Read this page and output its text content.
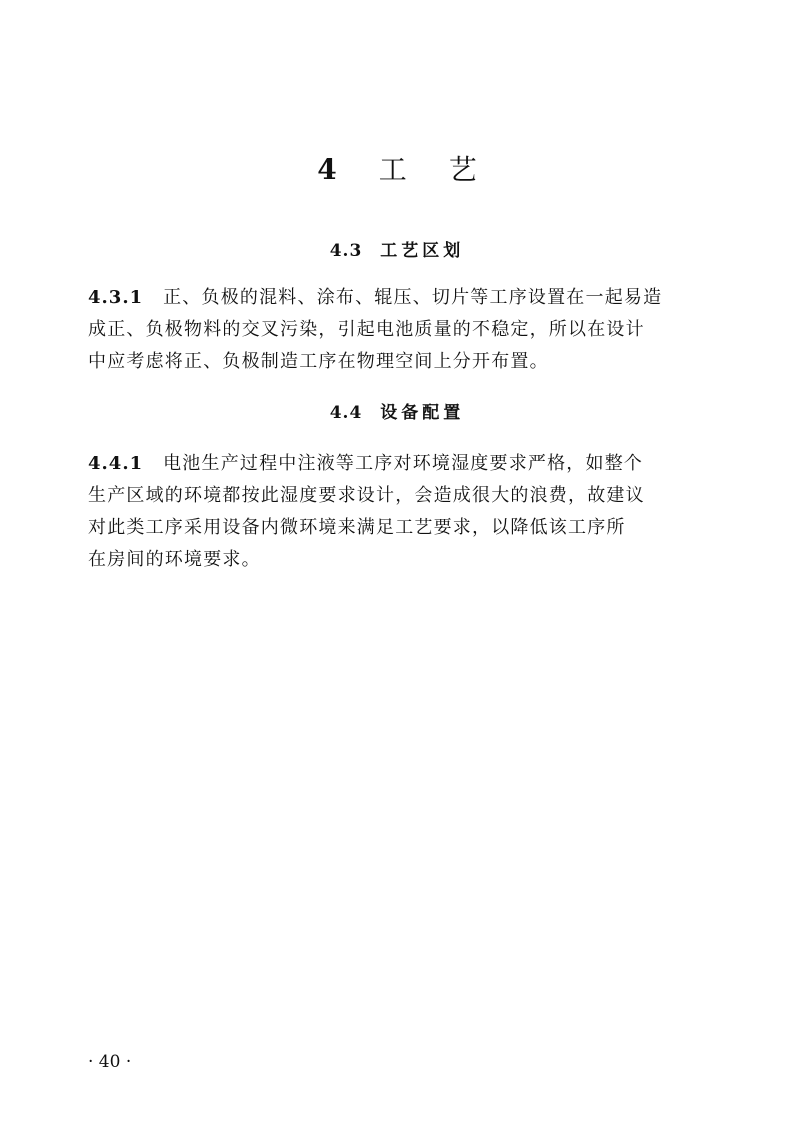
4 工 艺
4.3 工艺区划
4.3.1 正、负极的混料、涂布、辊压、切片等工序设置在一起易造
成正、负极物料的交叉污染，引起电池质量的不稳定，所以在设计
中应考虑将正、负极制造工序在物理空间上分开布置。
4.4 设备配置
4.4.1 电池生产过程中注液等工序对环境湿度要求严格，如整个
生产区域的环境都按此湿度要求设计，会造成很大的浪费，故建议
对此类工序采用设备内微环境来满足工艺要求，以降低该工序所
在房间的环境要求。
· 40 ·
